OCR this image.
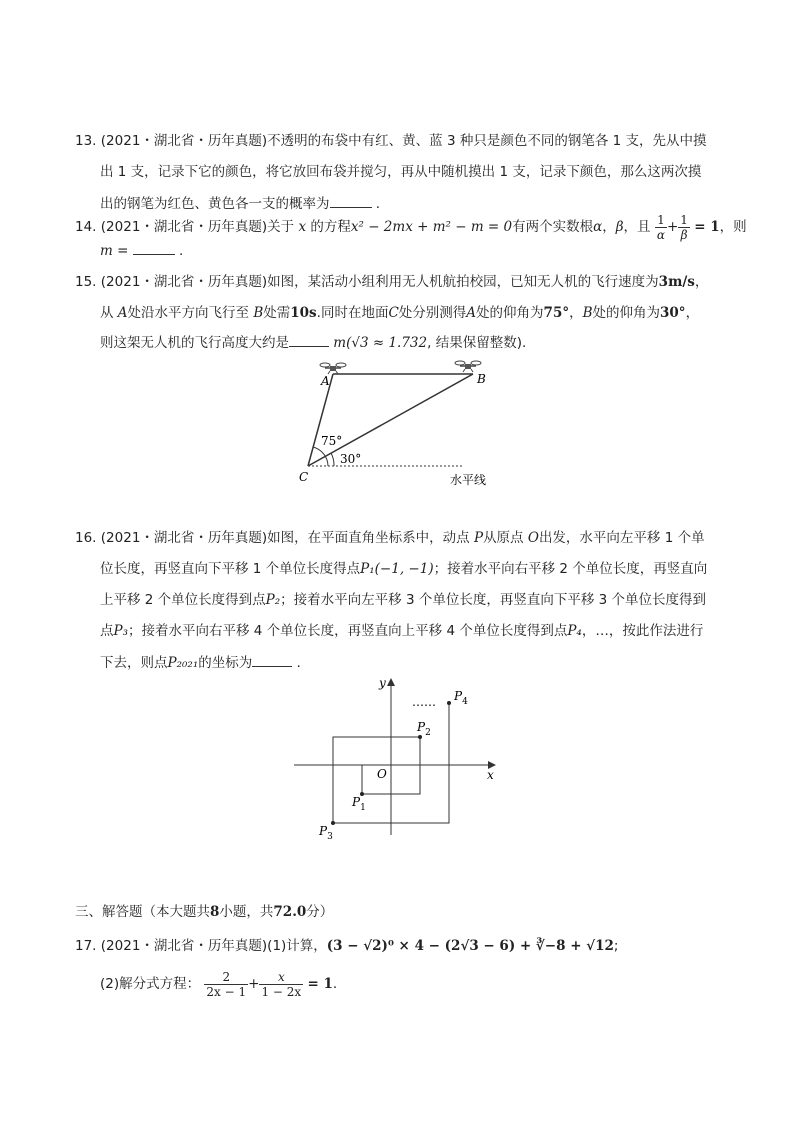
13. (2021・湖北省・历年真题)不透明的布袋中有红、黄、蓝 3 种只是颜色不同的钢笔各 1 支，先从中摸
出 1 支，记录下它的颜色，将它放回布袋并搅匀，再从中随机摸出 1 支，记录下颜色，那么这两次摸
出的钢笔为红色、黄色各一支的概率为	.
14. (2021・湖北省・历年真题)关于 x 的方程x² − 2mx + m² − m = 0有两个实数根α，β，且 $\frac{1}{\alpha} + \frac{1}{\beta} = 1$，则
m =	.
15. (2021・湖北省・历年真题)如图，某活动小组利用无人机航拍校园，已知无人机的飞行速度为3m/s，
从 A处沿水平方向飞行至 B处需10s.同时在地面C处分别测得A处的仰角为75°，B处的仰角为30°，
则这架无人机的飞行高度大约是	m(√3 ≈ 1.732, 结果保留整数).
A	B
C
75°
30°
水平线
16. (2021・湖北省・历年真题)如图，在平面直角坐标系中，动点 P从原点 O出发，水平向左平移 1 个单
位长度，再竖直向下平移 1 个单位长度得点P₁(−1, −1)；接着水平向右平移 2 个单位长度，再竖直向
上平移 2 个单位长度得到点P₂；接着水平向左平移 3 个单位长度，再竖直向下平移 3 个单位长度得到
点P₃；接着水平向右平移 4 个单位长度，再竖直向上平移 4 个单位长度得到点P₄，…，按此作法进行
下去，则点P₂₀₂₁的坐标为	.
y
x
O
$P_1$
$P_2$
$P_3$
$P_4$
……
三、解答题（本大题共8小题，共72.0分）
17. (2021・湖北省・历年真题)(1)计算，(3 − √2)⁰ × 4 − (2√3 − 6) + ∛−8 + √12;
(2)解分式方程： $\frac{2}{2x - 1} + \frac{x}{1 - 2x} = 1$.
